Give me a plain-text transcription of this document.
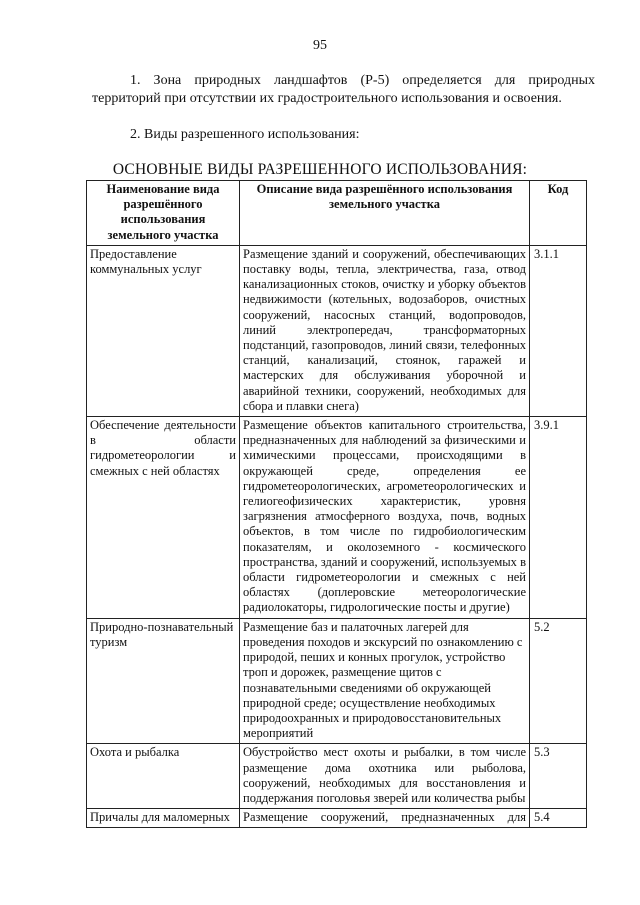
95

1. Зона природных ландшафтов (Р-5) определяется для природных территорий при отсутствии их градостроительного использования и освоения.

2. Виды разрешенного использования:

ОСНОВНЫЕ ВИДЫ РАЗРЕШЕННОГО ИСПОЛЬЗОВАНИЯ:
Наименование вида разрешённого использования земельного участка	Описание вида разрешённого использования земельного участка	Код
Предоставление коммунальных услуг	Размещение зданий и сооружений, обеспечивающих поставку воды, тепла, электричества, газа, отвод канализационных стоков, очистку и уборку объектов недвижимости (котельных, водозаборов, очистных сооружений, насосных станций, водопроводов, линий электропередач, трансформаторных подстанций, газопроводов, линий связи, телефонных станций, канализаций, стоянок, гаражей и мастерских для обслуживания уборочной и аварийной техники, сооружений, необходимых для сбора и плавки снега)	3.1.1
Обеспечение деятельности в области гидрометеорологии и смежных с ней областях	Размещение объектов капитального строительства, предназначенных для наблюдений за физическими и химическими процессами, происходящими в окружающей среде, определения ее гидрометеорологических, агрометеорологических и гелиогеофизических характеристик, уровня загрязнения атмосферного воздуха, почв, водных объектов, в том числе по гидробиологическим показателям, и околоземного - космического пространства, зданий и сооружений, используемых в области гидрометеорологии и смежных с ней областях (доплеровские метеорологические радиолокаторы, гидрологические посты и другие)	3.9.1
Природно-познавательный туризм	Размещение баз и палаточных лагерей для проведения походов и экскурсий по ознакомлению с природой, пеших и конных прогулок, устройство троп и дорожек, размещение щитов с познавательными сведениями об окружающей природной среде; осуществление необходимых природоохранных и природовосстановительных мероприятий	5.2
Охота и рыбалка	Обустройство мест охоты и рыбалки, в том числе размещение дома охотника или рыболова, сооружений, необходимых для восстановления и поддержания поголовья зверей или количества рыбы	5.3
Причалы для маломерных	Размещение сооружений, предназначенных для	5.4
